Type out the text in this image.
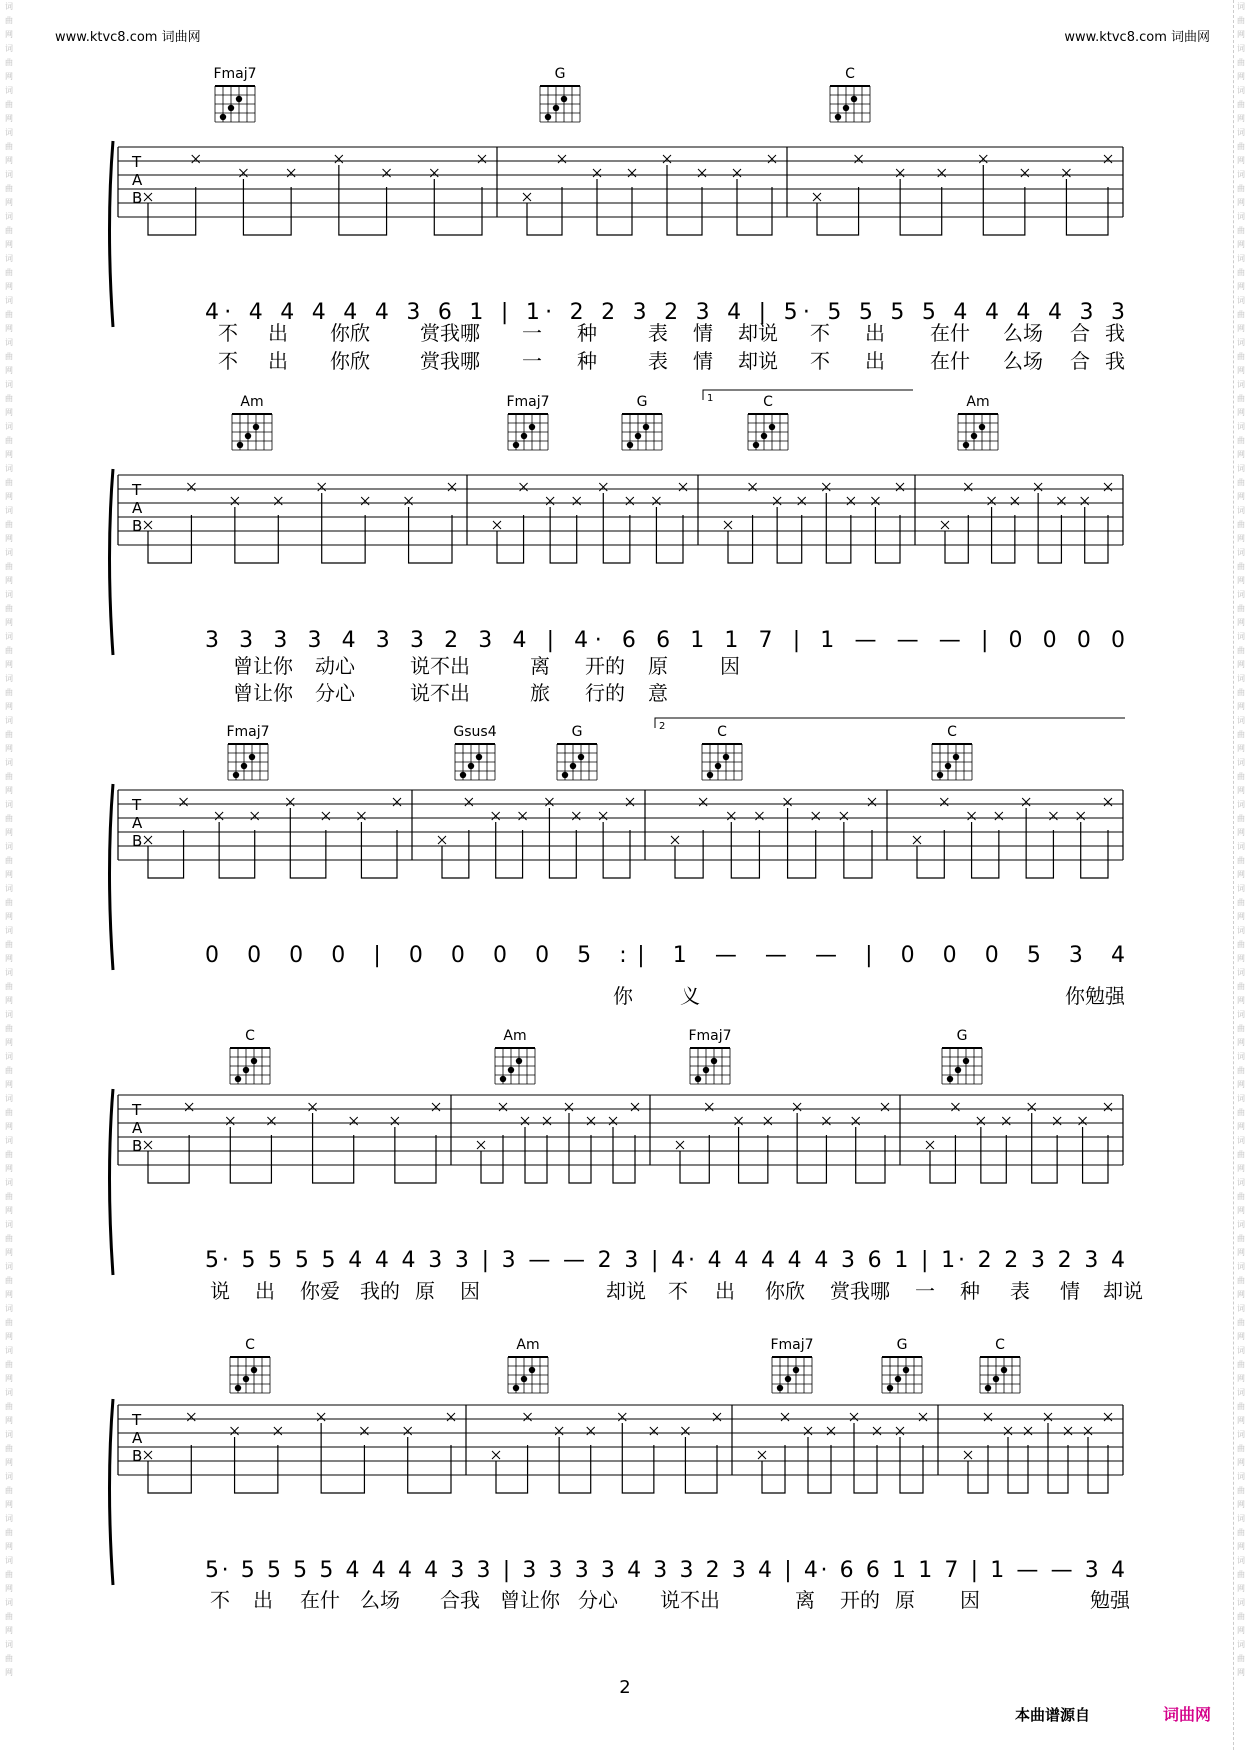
www.ktvc8.com 词曲网	www.ktvc8.com 词曲网
词曲网词曲网词曲网词曲网词曲网词曲网词曲网词曲网词曲网词曲网词曲网词曲网词曲网词曲网词曲网词曲网词曲网词曲网词曲网词曲网词曲网词曲网词曲网词曲网词曲网词曲网词曲网词曲网词曲网词曲网词曲网词曲网词曲网词曲网词曲网词曲网词曲网词曲网词曲网词曲网
词曲网词曲网词曲网词曲网词曲网词曲网词曲网词曲网词曲网词曲网词曲网词曲网词曲网词曲网词曲网词曲网词曲网词曲网词曲网词曲网词曲网词曲网词曲网词曲网词曲网词曲网词曲网词曲网词曲网词曲网词曲网词曲网词曲网词曲网词曲网词曲网词曲网词曲网词曲网词曲网
T
A
B
Fmaj7	G	C
4· 4 4 4 4 4 3 6 1 | 1· 2 2 3 2 3 4 | 5· 5 5 5 5 4 4 4 4 3 3
不 出 你欣	赏我哪 一 种	表 情 却说 不 出 在什 么场 合 我
不 出 你欣	赏我哪 一 种	表 情 却说 不 出 在什 么场 合 我
1
T
A
B
Am	Fmaj7	G	C	Am
3 3 3 3 4 3 3 2 3 4 | 4· 6 6 1 1 7 | 1 — — — | 0 0 0 0
曾让你 动心	说不出	离 开的 原	因
曾让你 分心	说不出	旅 行的 意
2
T
A
B
Fmaj7	Gsus4	G	C	C
0 0 0 0 | 0 0 0 0 5 :| 1 — — — | 0 0 0 5 3 4
你 义	你勉强
T
A
B
C	Am	Fmaj7	G
5· 5 5 5 5 4 4 4 3 3 | 3 — — 2 3 | 4· 4 4 4 4 4 3 6 1 | 1· 2 2 3 2 3 4
说 出 你爱 我的 原 因	却说 不 出 你欣 赏我哪 一 种 表 情 却说
T
A
B
C	Am	Fmaj7	G	C
5· 5 5 5 5 4 4 4 4 3 3 | 3 3 3 3 4 3 3 2 3 4 | 4· 6 6 1 1 7 | 1 — — 3 4
不 出 在什 么场 合我 曾让你 分心 说不出	离 开的 原 因	勉强
2
本曲谱源自	词曲网
